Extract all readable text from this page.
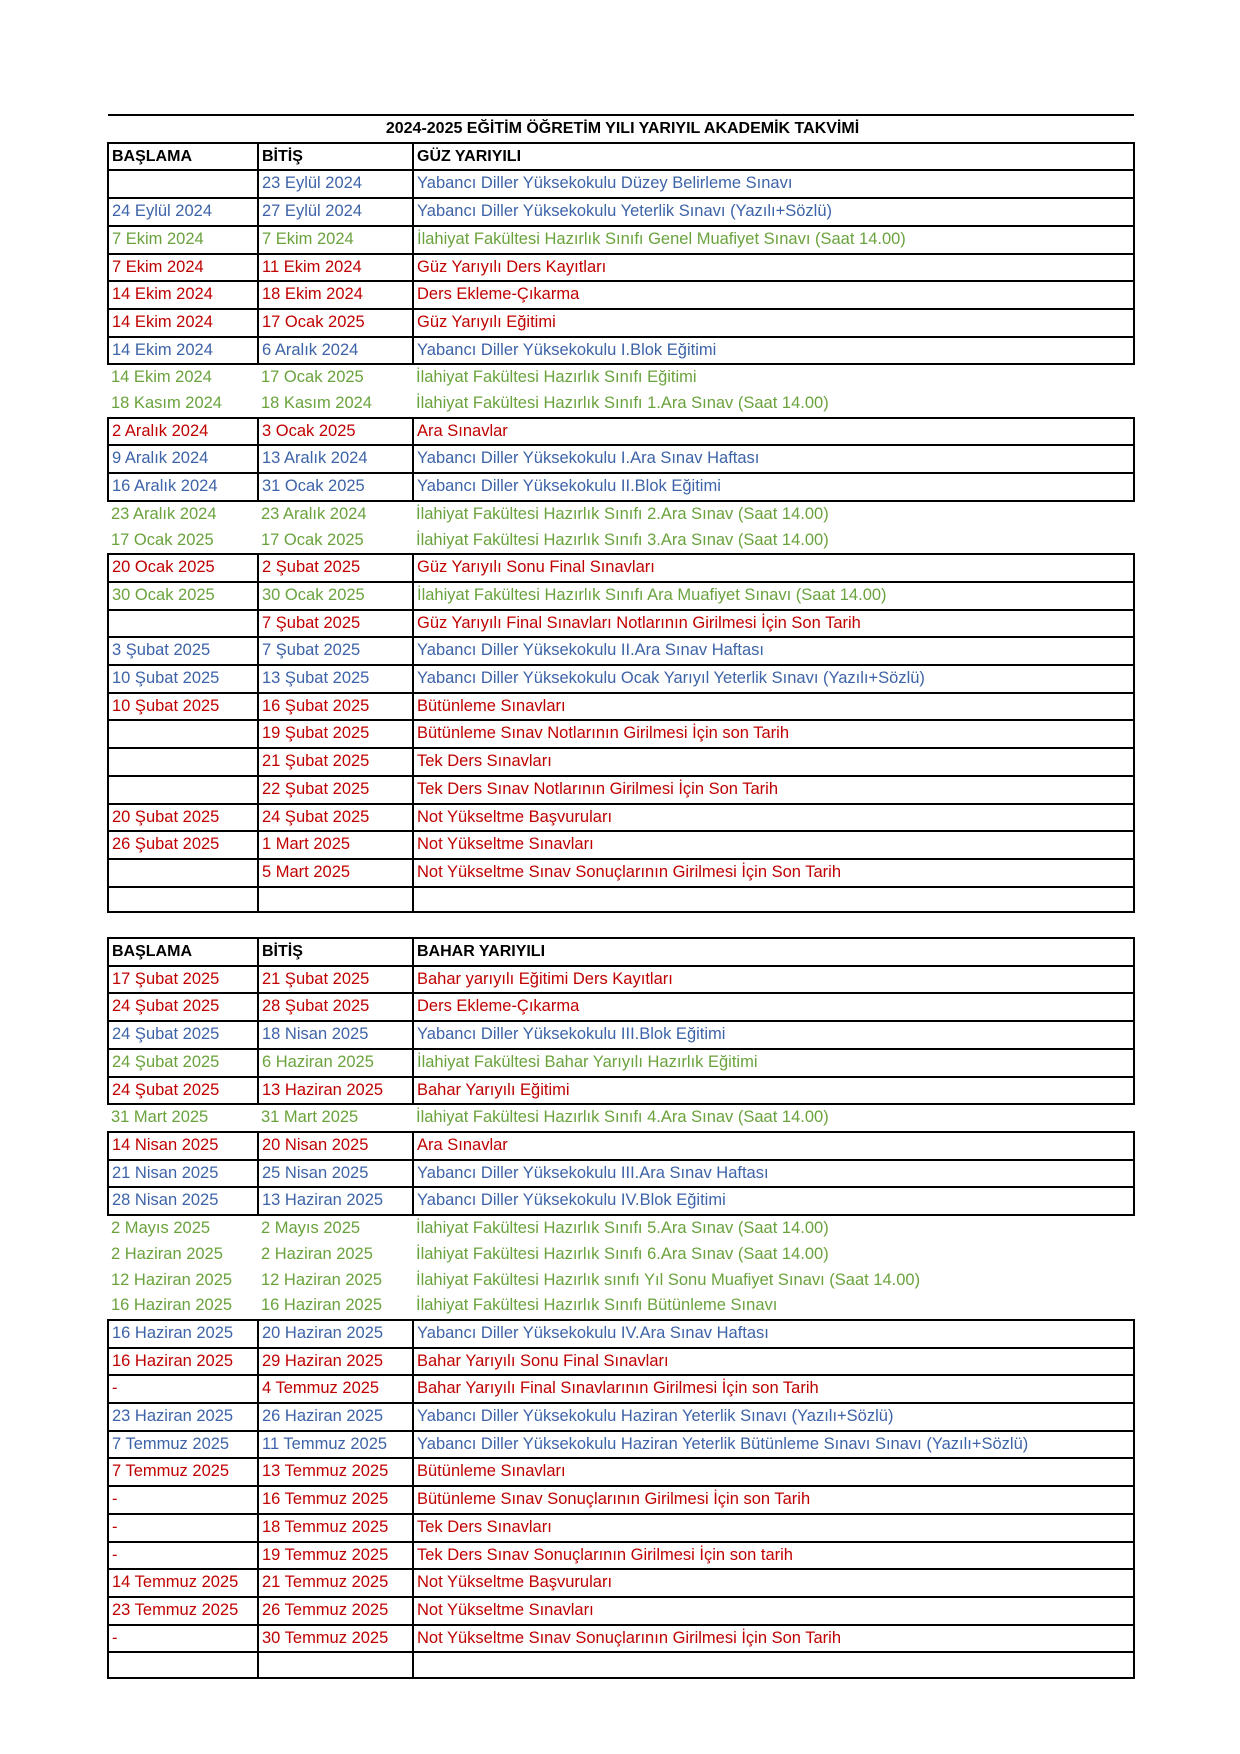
2024-2025 EĞİTİM ÖĞRETİM YILI YARIYIL AKADEMİK TAKVİMİ		
BAŞLAMA	BİTİŞ	GÜZ YARIYILI
	23 Eylül 2024	Yabancı Diller Yüksekokulu Düzey Belirleme Sınavı
24 Eylül 2024	27 Eylül 2024	Yabancı Diller Yüksekokulu Yeterlik Sınavı (Yazılı+Sözlü)
7 Ekim 2024	7 Ekim 2024	İlahiyat Fakültesi Hazırlık Sınıfı Genel Muafiyet Sınavı (Saat 14.00)
7 Ekim 2024	11 Ekim 2024	Güz Yarıyılı Ders Kayıtları
14 Ekim 2024	18 Ekim 2024	Ders Ekleme-Çıkarma
14 Ekim 2024	17 Ocak 2025	Güz Yarıyılı Eğitimi
14 Ekim 2024	6 Aralık 2024	Yabancı Diller Yüksekokulu I.Blok Eğitimi
14 Ekim 2024	17 Ocak 2025	İlahiyat Fakültesi Hazırlık Sınıfı Eğitimi
18 Kasım 2024	18 Kasım 2024	İlahiyat Fakültesi Hazırlık Sınıfı 1.Ara Sınav (Saat 14.00)
2 Aralık 2024	3 Ocak 2025	Ara Sınavlar
9 Aralık 2024	13 Aralık 2024	Yabancı Diller Yüksekokulu I.Ara Sınav Haftası
16 Aralık 2024	31 Ocak 2025	Yabancı Diller Yüksekokulu II.Blok Eğitimi
23 Aralık 2024	23 Aralık 2024	İlahiyat Fakültesi Hazırlık Sınıfı 2.Ara Sınav (Saat 14.00)
17 Ocak 2025	17 Ocak 2025	İlahiyat Fakültesi Hazırlık Sınıfı 3.Ara Sınav (Saat 14.00)
20 Ocak 2025	2 Şubat 2025	Güz Yarıyılı Sonu Final Sınavları
30 Ocak 2025	30 Ocak 2025	İlahiyat Fakültesi Hazırlık Sınıfı Ara Muafiyet Sınavı (Saat 14.00)
	7 Şubat 2025	Güz Yarıyılı Final Sınavları Notlarının Girilmesi İçin Son Tarih
3 Şubat 2025	7 Şubat 2025	Yabancı Diller Yüksekokulu II.Ara Sınav Haftası
10 Şubat 2025	13 Şubat 2025	Yabancı Diller Yüksekokulu Ocak Yarıyıl Yeterlik Sınavı (Yazılı+Sözlü)
10 Şubat 2025	16 Şubat 2025	Bütünleme Sınavları
	19 Şubat 2025	Bütünleme Sınav Notlarının Girilmesi İçin son Tarih
	21 Şubat 2025	Tek Ders Sınavları
	22 Şubat 2025	Tek Ders Sınav Notlarının Girilmesi İçin Son Tarih
20 Şubat 2025	24 Şubat 2025	Not Yükseltme Başvuruları
26 Şubat 2025	1 Mart 2025	Not Yükseltme Sınavları
	5 Mart 2025	Not Yükseltme Sınav Sonuçlarının Girilmesi İçin Son Tarih

BAŞLAMA	BİTİŞ	BAHAR YARIYILI
17 Şubat 2025	21 Şubat 2025	Bahar yarıyılı Eğitimi Ders Kayıtları
24 Şubat 2025	28 Şubat 2025	Ders Ekleme-Çıkarma
24 Şubat 2025	18 Nisan 2025	Yabancı Diller Yüksekokulu III.Blok Eğitimi
24 Şubat 2025	6 Haziran 2025	İlahiyat Fakültesi Bahar Yarıyılı Hazırlık Eğitimi
24 Şubat 2025	13 Haziran 2025	Bahar Yarıyılı Eğitimi
31 Mart 2025	31 Mart 2025	İlahiyat Fakültesi Hazırlık Sınıfı 4.Ara Sınav (Saat 14.00)
14 Nisan 2025	20 Nisan 2025	Ara Sınavlar
21 Nisan 2025	25 Nisan 2025	Yabancı Diller Yüksekokulu III.Ara Sınav Haftası
28 Nisan 2025	13 Haziran 2025	Yabancı Diller Yüksekokulu IV.Blok Eğitimi
2 Mayıs 2025	2 Mayıs 2025	İlahiyat Fakültesi Hazırlık Sınıfı 5.Ara Sınav (Saat 14.00)
2 Haziran 2025	2 Haziran 2025	İlahiyat Fakültesi Hazırlık Sınıfı 6.Ara Sınav (Saat 14.00)
12 Haziran 2025	12 Haziran 2025	İlahiyat Fakültesi Hazırlık sınıfı Yıl Sonu Muafiyet Sınavı (Saat 14.00)
16 Haziran 2025	16 Haziran 2025	İlahiyat Fakültesi Hazırlık Sınıfı Bütünleme Sınavı
16 Haziran 2025	20 Haziran 2025	Yabancı Diller Yüksekokulu IV.Ara Sınav Haftası
16 Haziran 2025	29 Haziran 2025	Bahar Yarıyılı Sonu Final Sınavları
-	4 Temmuz 2025	Bahar Yarıyılı Final Sınavlarının Girilmesi İçin son Tarih
23 Haziran 2025	26 Haziran 2025	Yabancı Diller Yüksekokulu Haziran Yeterlik Sınavı (Yazılı+Sözlü)
7 Temmuz 2025	11 Temmuz 2025	Yabancı Diller Yüksekokulu Haziran Yeterlik Bütünleme Sınavı Sınavı (Yazılı+Sözlü)
7 Temmuz 2025	13 Temmuz 2025	Bütünleme Sınavları
-	16 Temmuz 2025	Bütünleme Sınav Sonuçlarının Girilmesi İçin son Tarih
-	18 Temmuz 2025	Tek Ders Sınavları
-	19 Temmuz 2025	Tek Ders Sınav Sonuçlarının Girilmesi İçin son tarih
14 Temmuz 2025	21 Temmuz 2025	Not Yükseltme Başvuruları
23 Temmuz 2025	26 Temmuz 2025	Not Yükseltme Sınavları
-	30 Temmuz 2025	Not Yükseltme Sınav Sonuçlarının Girilmesi İçin Son Tarih
